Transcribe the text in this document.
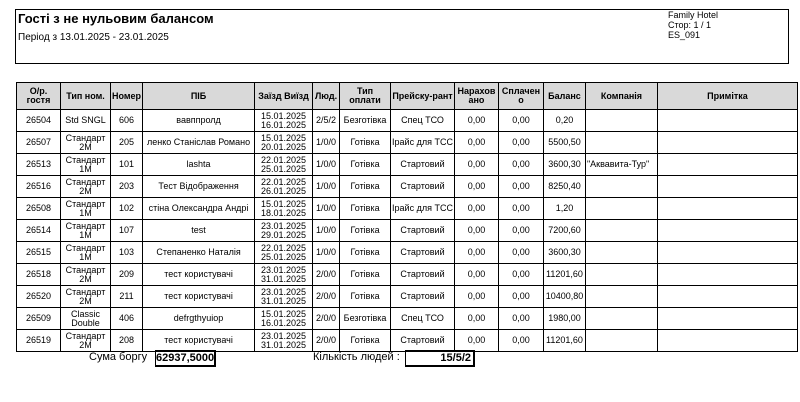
Гості з не нульовим балансом
Період з 13.01.2025 - 23.01.2025
Family Hotel
Стор: 1 / 1
ES_091
О/р. гостя	Тип ном.	Номер	ПІБ	Заїзд Виїзд	Люд.	Тип оплати	Прейску-рант	Нарахов ано	Сплачен о	Баланс	Компанія	Примітка
26504	Std SNGL	606	вавппролд	15.01.2025 16.01.2025	2/5/2	Безготівка	Спец ТСО	0,00	0,00	0,20		
26507	Стандарт 2М	205	ленко Станіслав Романо	15.01.2025 20.01.2025	1/0/0	Готівка	Ірайс для ТСС	0,00	0,00	5500,50		
26513	Стандарт 1М	101	lashta	22.01.2025 25.01.2025	1/0/0	Готівка	Стартовий	0,00	0,00	3600,30	"Аквавита-Тур"	
26516	Стандарт 2М	203	Тест Відображення	22.01.2025 26.01.2025	1/0/0	Готівка	Стартовий	0,00	0,00	8250,40		
26508	Стандарт 1М	102	стіна Олександра Андрі	15.01.2025 18.01.2025	1/0/0	Готівка	Ірайс для ТСС	0,00	0,00	1,20		
26514	Стандарт 1М	107	test	23.01.2025 29.01.2025	1/0/0	Готівка	Стартовий	0,00	0,00	7200,60		
26515	Стандарт 1М	103	Степаненко Наталія	22.01.2025 25.01.2025	1/0/0	Готівка	Стартовий	0,00	0,00	3600,30		
26518	Стандарт 2М	209	тест користувачі	23.01.2025 31.01.2025	2/0/0	Готівка	Стартовий	0,00	0,00	11201,60		
26520	Стандарт 2М	211	тест користувачі	23.01.2025 31.01.2025	2/0/0	Готівка	Стартовий	0,00	0,00	10400,80		
26509	Classic Double	406	defrgthyuiop	15.01.2025 16.01.2025	2/0/0	Безготівка	Спец ТСО	0,00	0,00	1980,00		
26519	Стандарт 2М	208	тест користувачі	23.01.2025 31.01.2025	2/0/0	Готівка	Стартовий	0,00	0,00	11201,60		
Сума боргу 62937,5000	Кількість людей :	15/5/2
